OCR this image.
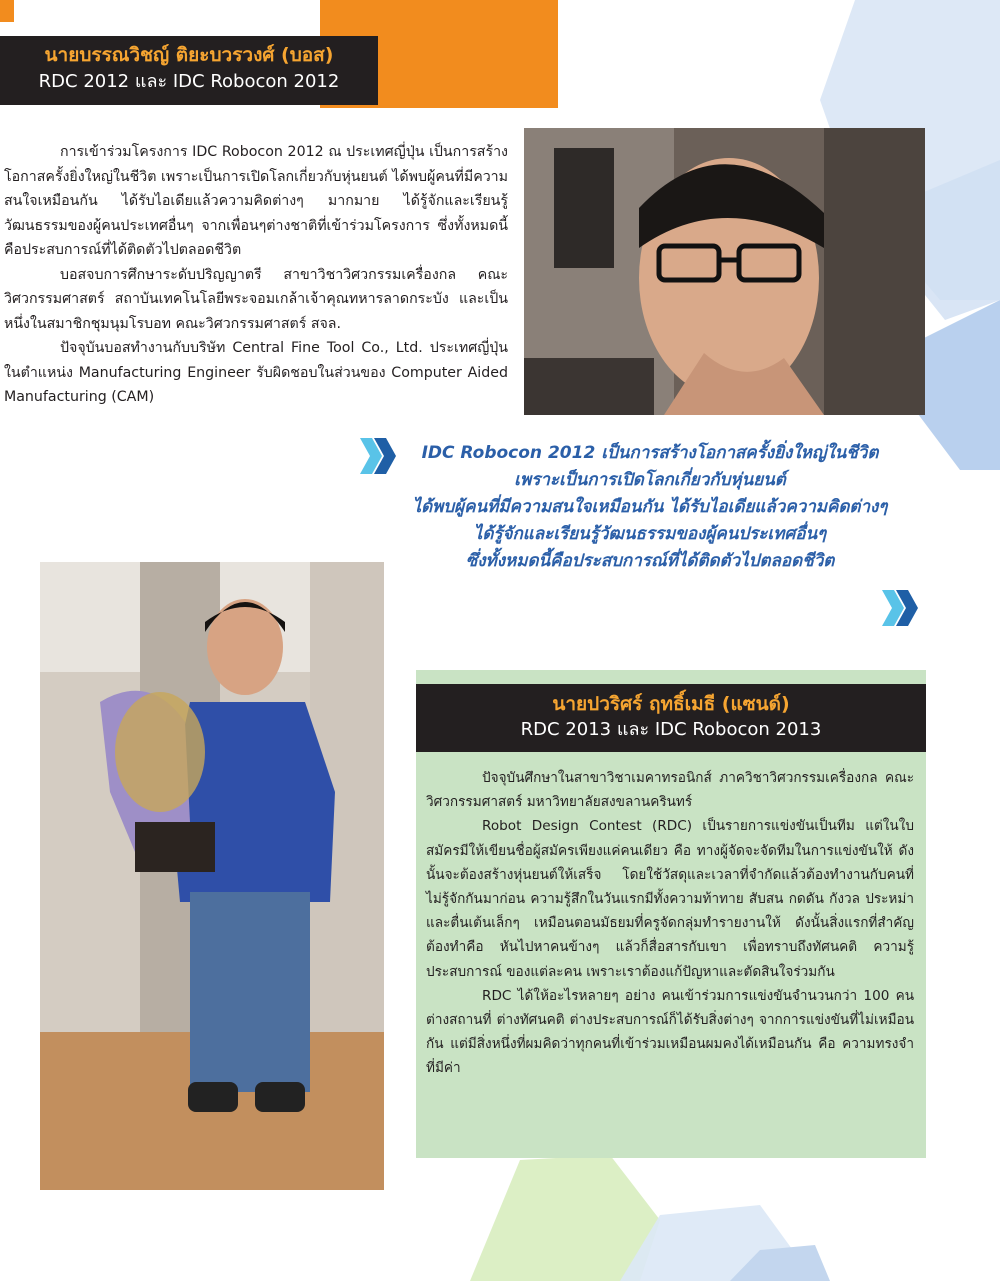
นายบรรณวิชญ์ ติยะบวรวงศ์ (บอส)
RDC 2012 และ IDC Robocon 2012

การเข้าร่วมโครงการ IDC Robocon 2012 ณ ประเทศญี่ปุ่น เป็นการสร้างโอกาสครั้งยิ่งใหญ่ในชีวิต เพราะเป็นการเปิดโลกเกี่ยวกับหุ่นยนต์ ได้พบผู้คนที่มีความสนใจเหมือนกัน ได้รับไอเดียแล้วความคิดต่างๆ มากมาย ได้รู้จักและเรียนรู้วัฒนธรรมของผู้คนประเทศอื่นๆ จากเพื่อนๆต่างชาติที่เข้าร่วมโครงการ ซึ่งทั้งหมดนี้คือประสบการณ์ที่ได้ติดตัวไปตลอดชีวิต

บอสจบการศึกษาระดับปริญญาตรี สาขาวิชาวิศวกรรมเครื่องกล คณะวิศวกรรมศาสตร์ สถาบันเทคโนโลยีพระจอมเกล้าเจ้าคุณทหารลาดกระบัง และเป็นหนึ่งในสมาชิกชุมนุมโรบอท คณะวิศวกรรมศาสตร์ สจล.

ปัจจุบันบอสทำงานกับบริษัท Central Fine Tool Co., Ltd. ประเทศญี่ปุ่น ในตำแหน่ง Manufacturing Engineer รับผิดชอบในส่วนของ Computer Aided Manufacturing (CAM)

IDC Robocon 2012 เป็นการสร้างโอกาสครั้งยิ่งใหญ่ในชีวิต
เพราะเป็นการเปิดโลกเกี่ยวกับหุ่นยนต์
ได้พบผู้คนที่มีความสนใจเหมือนกัน ได้รับไอเดียแล้วความคิดต่างๆ
ได้รู้จักและเรียนรู้วัฒนธรรมของผู้คนประเทศอื่นๆ
ซึ่งทั้งหมดนี้คือประสบการณ์ที่ได้ติดตัวไปตลอดชีวิต
นายปวริศร์ ฤทธิ์เมธี (แซนด์)
RDC 2013 และ IDC Robocon 2013

ปัจจุบันศึกษาในสาขาวิชาเมคาทรอนิกส์ ภาควิชาวิศวกรรมเครื่องกล คณะวิศวกรรมศาสตร์ มหาวิทยาลัยสงขลานครินทร์

Robot Design Contest (RDC) เป็นรายการแข่งขันเป็นทีม แต่ในใบสมัครมีให้เขียนชื่อผู้สมัครเพียงแค่คนเดียว คือ ทางผู้จัดจะจัดทีมในการแข่งขันให้ ดังนั้นจะต้องสร้างหุ่นยนต์ให้เสร็จ โดยใช้วัสดุและเวลาที่จำกัดแล้วต้องทำงานกับคนที่ไม่รู้จักกันมาก่อน ความรู้สึกในวันแรกมีทั้งความท้าทาย สับสน กดดัน กังวล ประหม่า และตื่นเต้นเล็กๆ เหมือนตอนมัธยมที่ครูจัดกลุ่มทำรายงานให้ ดังนั้นสิ่งแรกที่สำคัญต้องทำคือ หันไปหาคนข้างๆ แล้วก็สื่อสารกับเขา เพื่อทราบถึงทัศนคติ ความรู้ ประสบการณ์ ของแต่ละคน เพราะเราต้องแก้ปัญหาและตัดสินใจร่วมกัน

RDC ได้ให้อะไรหลายๆ อย่าง คนเข้าร่วมการแข่งขันจำนวนกว่า 100 คน ต่างสถานที่ ต่างทัศนคติ ต่างประสบการณ์ก็ได้รับสิ่งต่างๆ จากการแข่งขันที่ไม่เหมือนกัน แต่มีสิ่งหนึ่งที่ผมคิดว่าทุกคนที่เข้าร่วมเหมือนผมคงได้เหมือนกัน คือ ความทรงจำที่มีค่า
